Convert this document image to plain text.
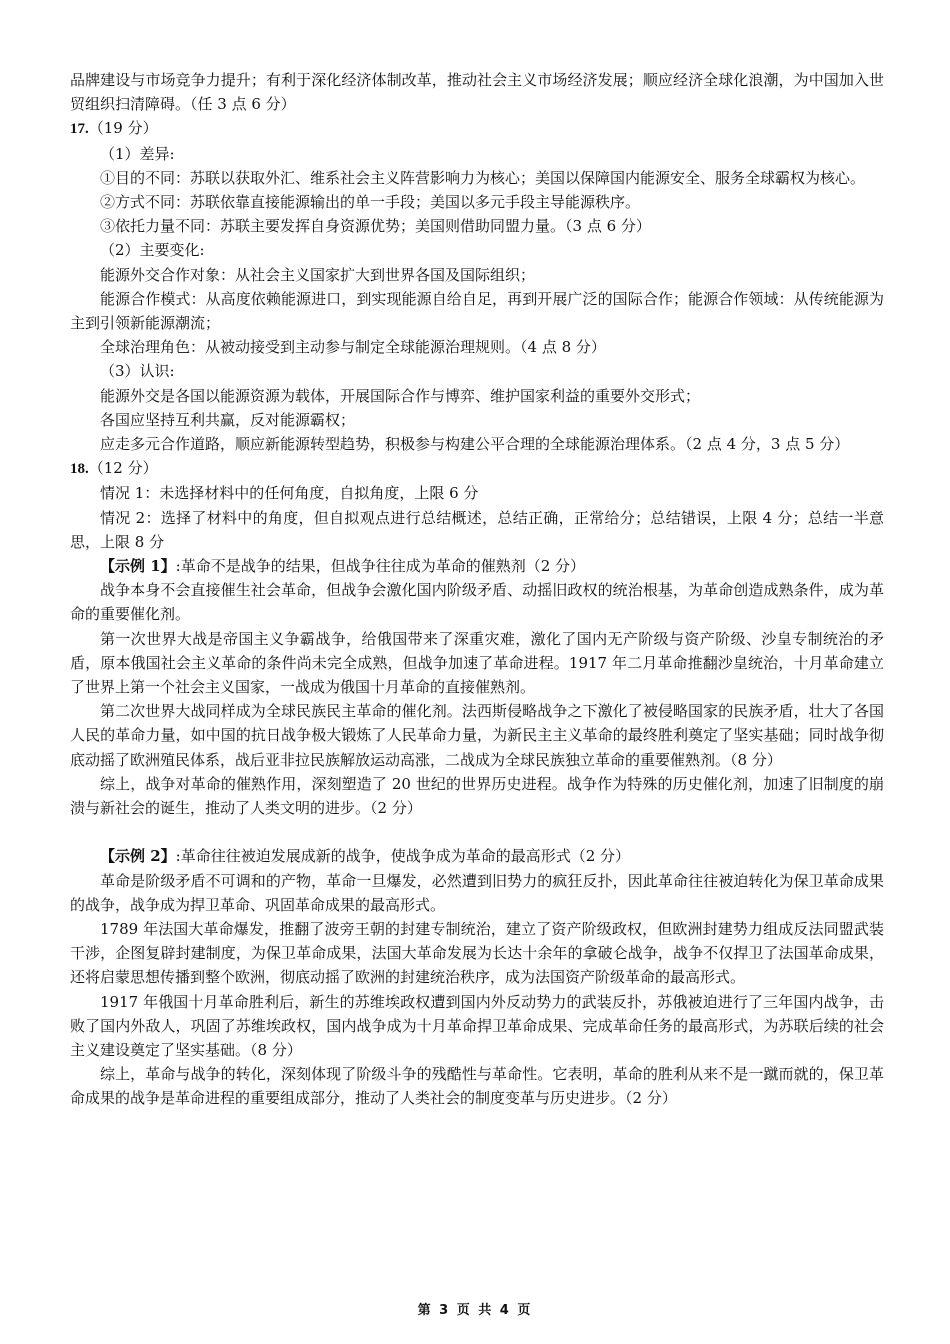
品牌建设与市场竞争力提升；有利于深化经济体制改革，推动社会主义市场经济发展；顺应经济全球化浪潮，为中国加入世贸组织扫清障碍。（任 3 点 6 分）

17.（19 分）

（1）差异:

①目的不同：苏联以获取外汇、维系社会主义阵营影响力为核心；美国以保障国内能源安全、服务全球霸权为核心。

②方式不同：苏联依靠直接能源输出的单一手段；美国以多元手段主导能源秩序。

③依托力量不同：苏联主要发挥自身资源优势；美国则借助同盟力量。（3 点 6 分）

（2）主要变化:

能源外交合作对象：从社会主义国家扩大到世界各国及国际组织；

能源合作模式：从高度依赖能源进口，到实现能源自给自足，再到开展广泛的国际合作；能源合作领域：从传统能源为主到引领新能源潮流；

全球治理角色：从被动接受到主动参与制定全球能源治理规则。（4 点 8 分）

（3）认识:

能源外交是各国以能源资源为载体，开展国际合作与博弈、维护国家利益的重要外交形式；

各国应坚持互利共赢，反对能源霸权；

应走多元合作道路，顺应新能源转型趋势，积极参与构建公平合理的全球能源治理体系。（2 点 4 分，3 点 5 分）

18.（12 分）

情况 1：未选择材料中的任何角度，自拟角度，上限 6 分

情况 2：选择了材料中的角度，但自拟观点进行总结概述，总结正确，正常给分；总结错误，上限 4 分；总结一半意思，上限 8 分

【示例 1】:革命不是战争的结果，但战争往往成为革命的催熟剂（2 分）

战争本身不会直接催生社会革命，但战争会激化国内阶级矛盾、动摇旧政权的统治根基，为革命创造成熟条件，成为革命的重要催化剂。

第一次世界大战是帝国主义争霸战争，给俄国带来了深重灾难，激化了国内无产阶级与资产阶级、沙皇专制统治的矛盾，原本俄国社会主义革命的条件尚未完全成熟，但战争加速了革命进程。1917 年二月革命推翻沙皇统治，十月革命建立了世界上第一个社会主义国家，一战成为俄国十月革命的直接催熟剂。

第二次世界大战同样成为全球民族民主革命的催化剂。法西斯侵略战争之下激化了被侵略国家的民族矛盾，壮大了各国人民的革命力量，如中国的抗日战争极大锻炼了人民革命力量，为新民主主义革命的最终胜利奠定了坚实基础；同时战争彻底动摇了欧洲殖民体系，战后亚非拉民族解放运动高涨，二战成为全球民族独立革命的重要催熟剂。（8 分）

综上，战争对革命的催熟作用，深刻塑造了 20 世纪的世界历史进程。战争作为特殊的历史催化剂，加速了旧制度的崩溃与新社会的诞生，推动了人类文明的进步。（2 分）

【示例 2】:革命往往被迫发展成新的战争，使战争成为革命的最高形式（2 分）

革命是阶级矛盾不可调和的产物，革命一旦爆发，必然遭到旧势力的疯狂反扑，因此革命往往被迫转化为保卫革命成果的战争，战争成为捍卫革命、巩固革命成果的最高形式。

1789 年法国大革命爆发，推翻了波旁王朝的封建专制统治，建立了资产阶级政权，但欧洲封建势力组成反法同盟武装干涉，企图复辟封建制度，为保卫革命成果，法国大革命发展为长达十余年的拿破仑战争，战争不仅捍卫了法国革命成果，还将启蒙思想传播到整个欧洲，彻底动摇了欧洲的封建统治秩序，成为法国资产阶级革命的最高形式。

1917 年俄国十月革命胜利后，新生的苏维埃政权遭到国内外反动势力的武装反扑，苏俄被迫进行了三年国内战争，击败了国内外敌人，巩固了苏维埃政权，国内战争成为十月革命捍卫革命成果、完成革命任务的最高形式，为苏联后续的社会主义建设奠定了坚实基础。（8 分）

综上，革命与战争的转化，深刻体现了阶级斗争的残酷性与革命性。它表明，革命的胜利从来不是一蹴而就的，保卫革命成果的战争是革命进程的重要组成部分，推动了人类社会的制度变革与历史进步。（2 分）

第 3 页 共 4 页
